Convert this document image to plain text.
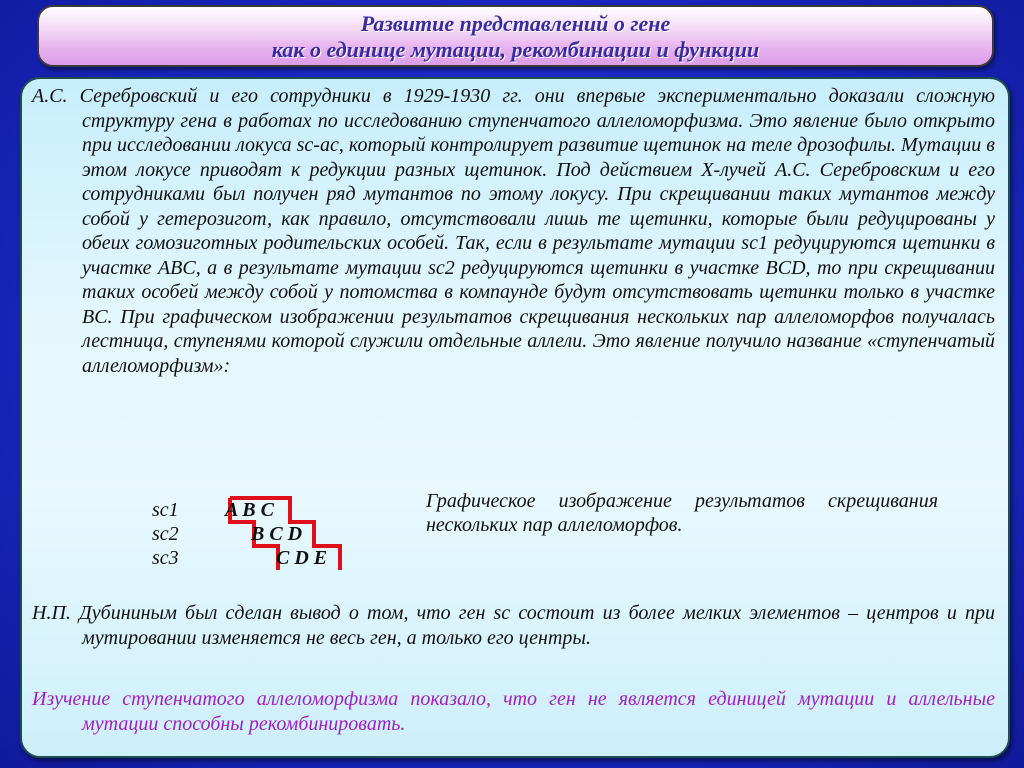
Развитие представлений о гене
как о единице мутации, рекомбинации и функции

А.С. Серебровский и его сотрудники в 1929-1930 гг. они впервые экспериментально доказали сложную структуру гена в работах по исследованию ступенчатого аллеломорфизма. Это явление было открыто при исследовании локуса sc-ac, который контролирует развитие щетинок на теле дрозофилы. Мутации в этом локусе приводят к редукции разных щетинок. Под действием Х-лучей А.С. Серебровским и его сотрудниками был получен ряд мутантов по этому локусу. При скрещивании таких мутантов между собой у гетерозигот, как правило, отсутствовали лишь те щетинки, которые были редуцированы у обеих гомозиготных родительских особей. Так, если в результате мутации sc1 редуцируются щетинки в участке ABC, а в результате мутации sc2 редуцируются щетинки в участке BCD, то при скрещивании таких особей между собой у потомства в компаунде будут отсутствовать щетинки только в участке BC. При графическом изображении результатов скрещивания нескольких пар аллеломорфов получалась лестница, ступенями которой служили отдельные аллели. Это явление получило название «ступенчатый аллеломорфизм»:

sc1
sc2
sc3
A B C
B C D
C D E

Графическое изображение результатов скрещивания нескольких пар аллеломорфов.

Н.П. Дубининым был сделан вывод о том, что ген sc состоит из более мелких элементов – центров и при мутировании изменяется не весь ген, а только его центры.

Изучение ступенчатого аллеломорфизма показало, что ген не является единицей мутации и аллельные мутации способны рекомбинировать.
